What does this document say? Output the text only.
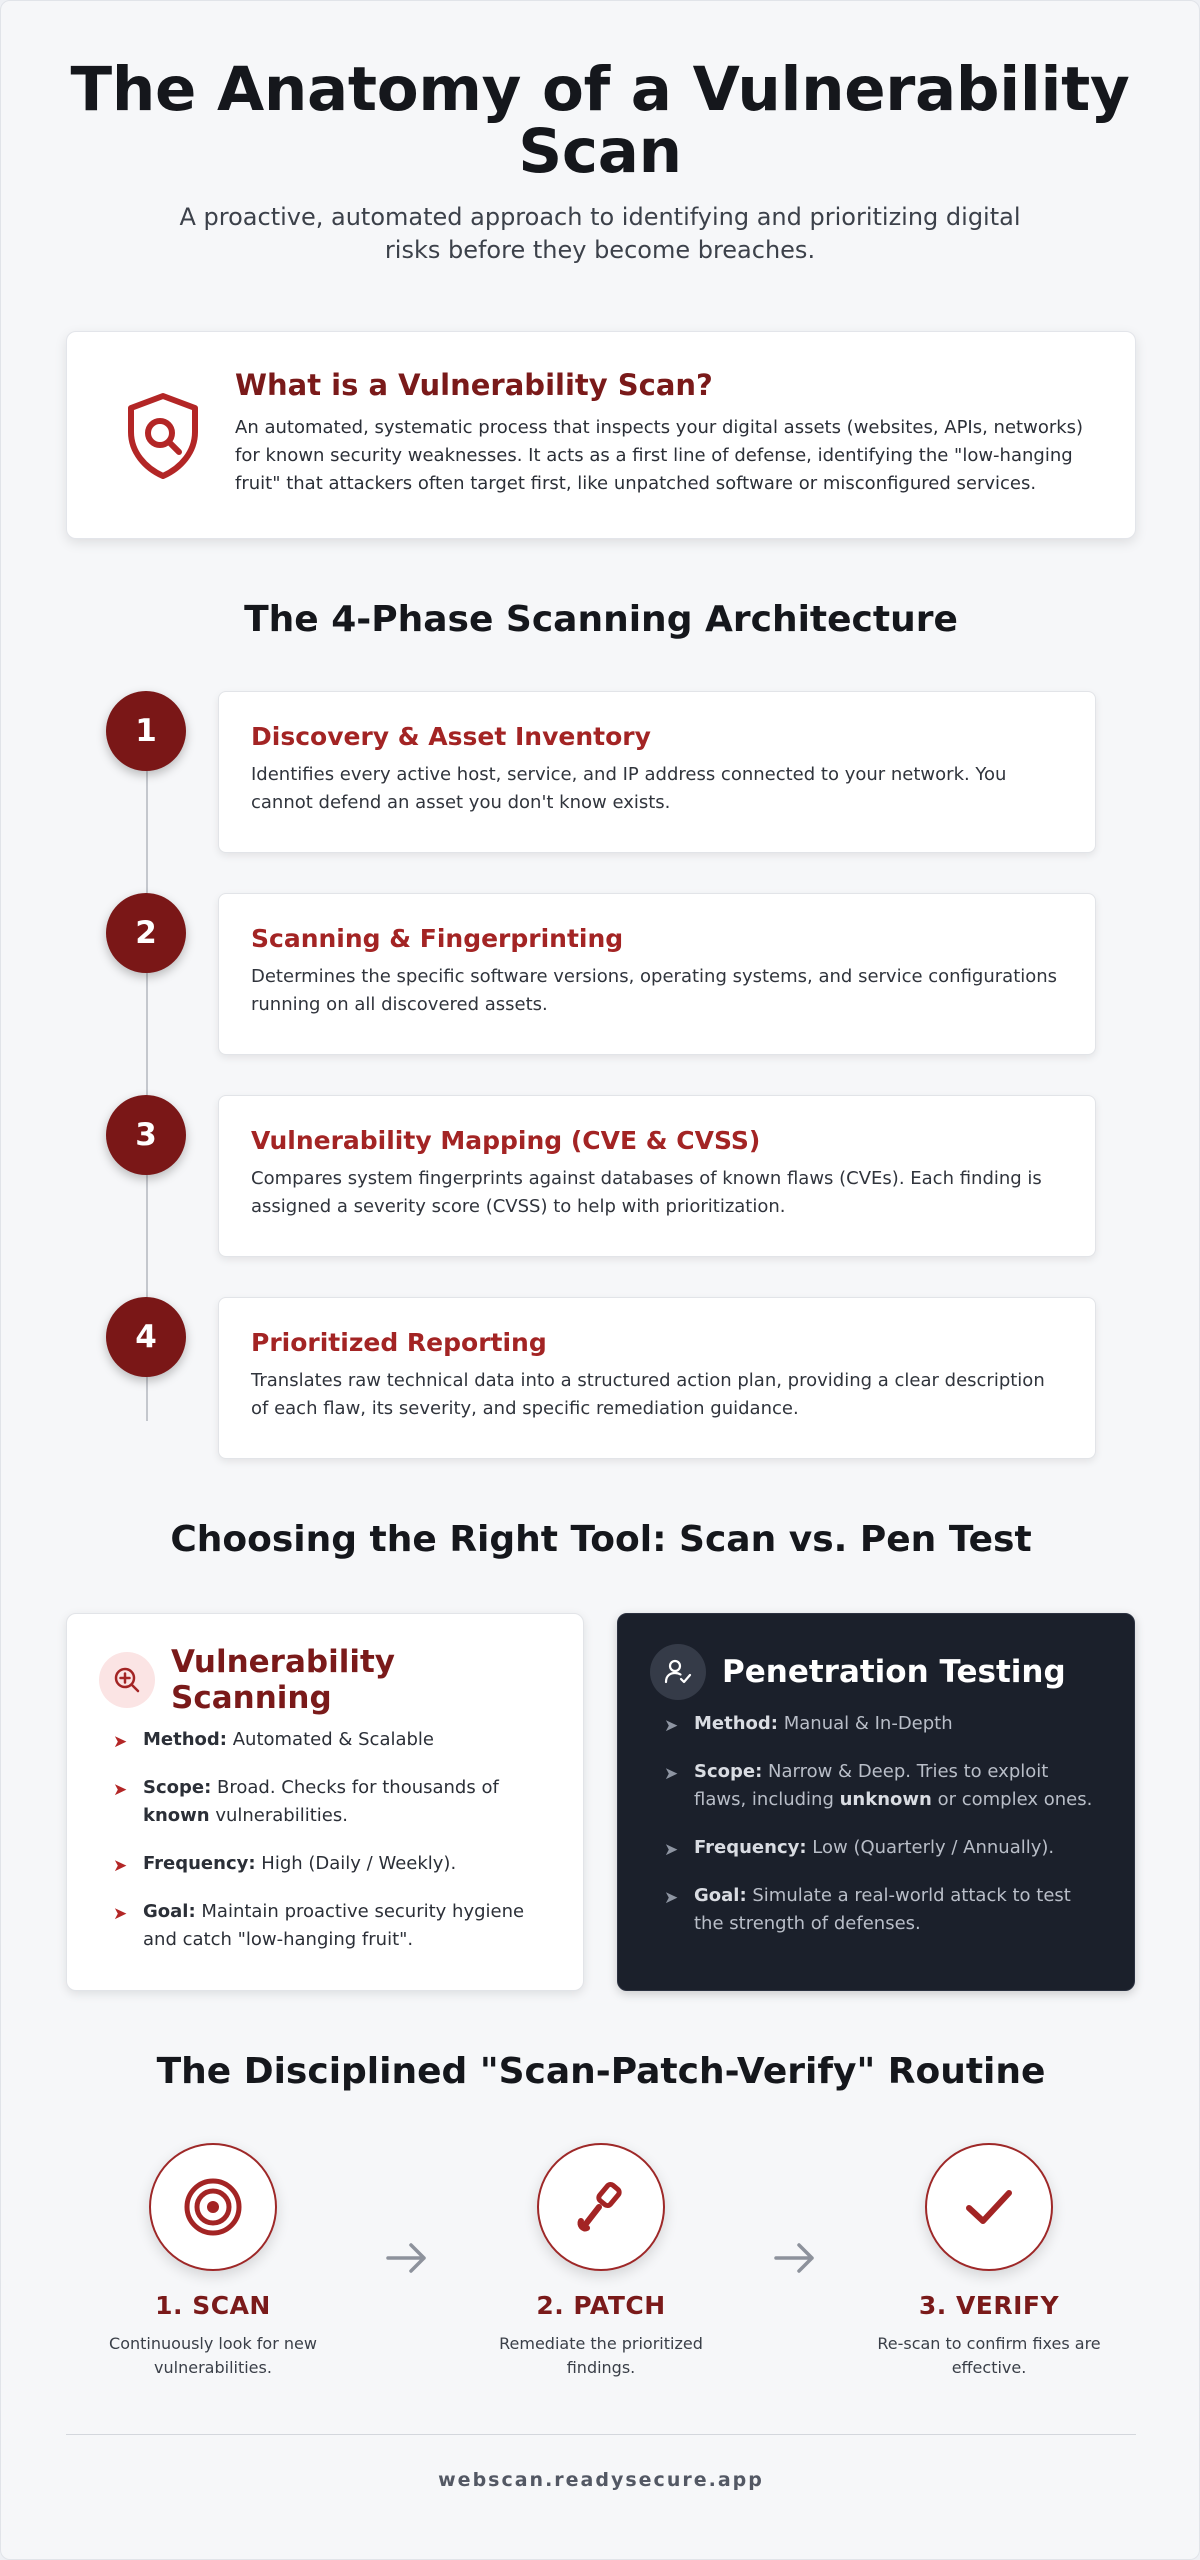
The Anatomy of a Vulnerability Scan

A proactive, automated approach to identifying and prioritizing digital risks before they become breaches.

What is a Vulnerability Scan?

An automated, systematic process that inspects your digital assets (websites, APIs, networks) for known security weaknesses. It acts as a first line of defense, identifying the "low-hanging fruit" that attackers often target first, like unpatched software or misconfigured services.

The 4-Phase Scanning Architecture
1	Discovery & Asset Inventory

Identifies every active host, service, and IP address connected to your network. You cannot defend an asset you don't know exists.

2	Scanning & Fingerprinting

Determines the specific software versions, operating systems, and service configurations running on all discovered assets.

3	Vulnerability Mapping (CVE & CVSS)

Compares system fingerprints against databases of known flaws (CVEs). Each finding is assigned a severity score (CVSS) to help with prioritization.

4	Prioritized Reporting

Translates raw technical data into a structured action plan, providing a clear description of each flaw, its severity, and specific remediation guidance.

Choosing the Right Tool: Scan vs. Pen Test
Vulnerability Scanning
➤ Method: Automated & Scalable
➤ Scope: Broad. Checks for thousands of known vulnerabilities.
➤ Frequency: High (Daily / Weekly).
➤ Goal: Maintain proactive security hygiene and catch "low-hanging fruit".
Penetration Testing
➤ Method: Manual & In-Depth
➤ Scope: Narrow & Deep. Tries to exploit flaws, including unknown or complex ones.
➤ Frequency: Low (Quarterly / Annually).
➤ Goal: Simulate a real-world attack to test the strength of defenses.
The Disciplined "Scan-Patch-Verify" Routine
1. SCAN

Continuously look for new vulnerabilities.

2. PATCH

Remediate the prioritized findings.

3. VERIFY

Re-scan to confirm fixes are effective.

webscan.readysecure.app
